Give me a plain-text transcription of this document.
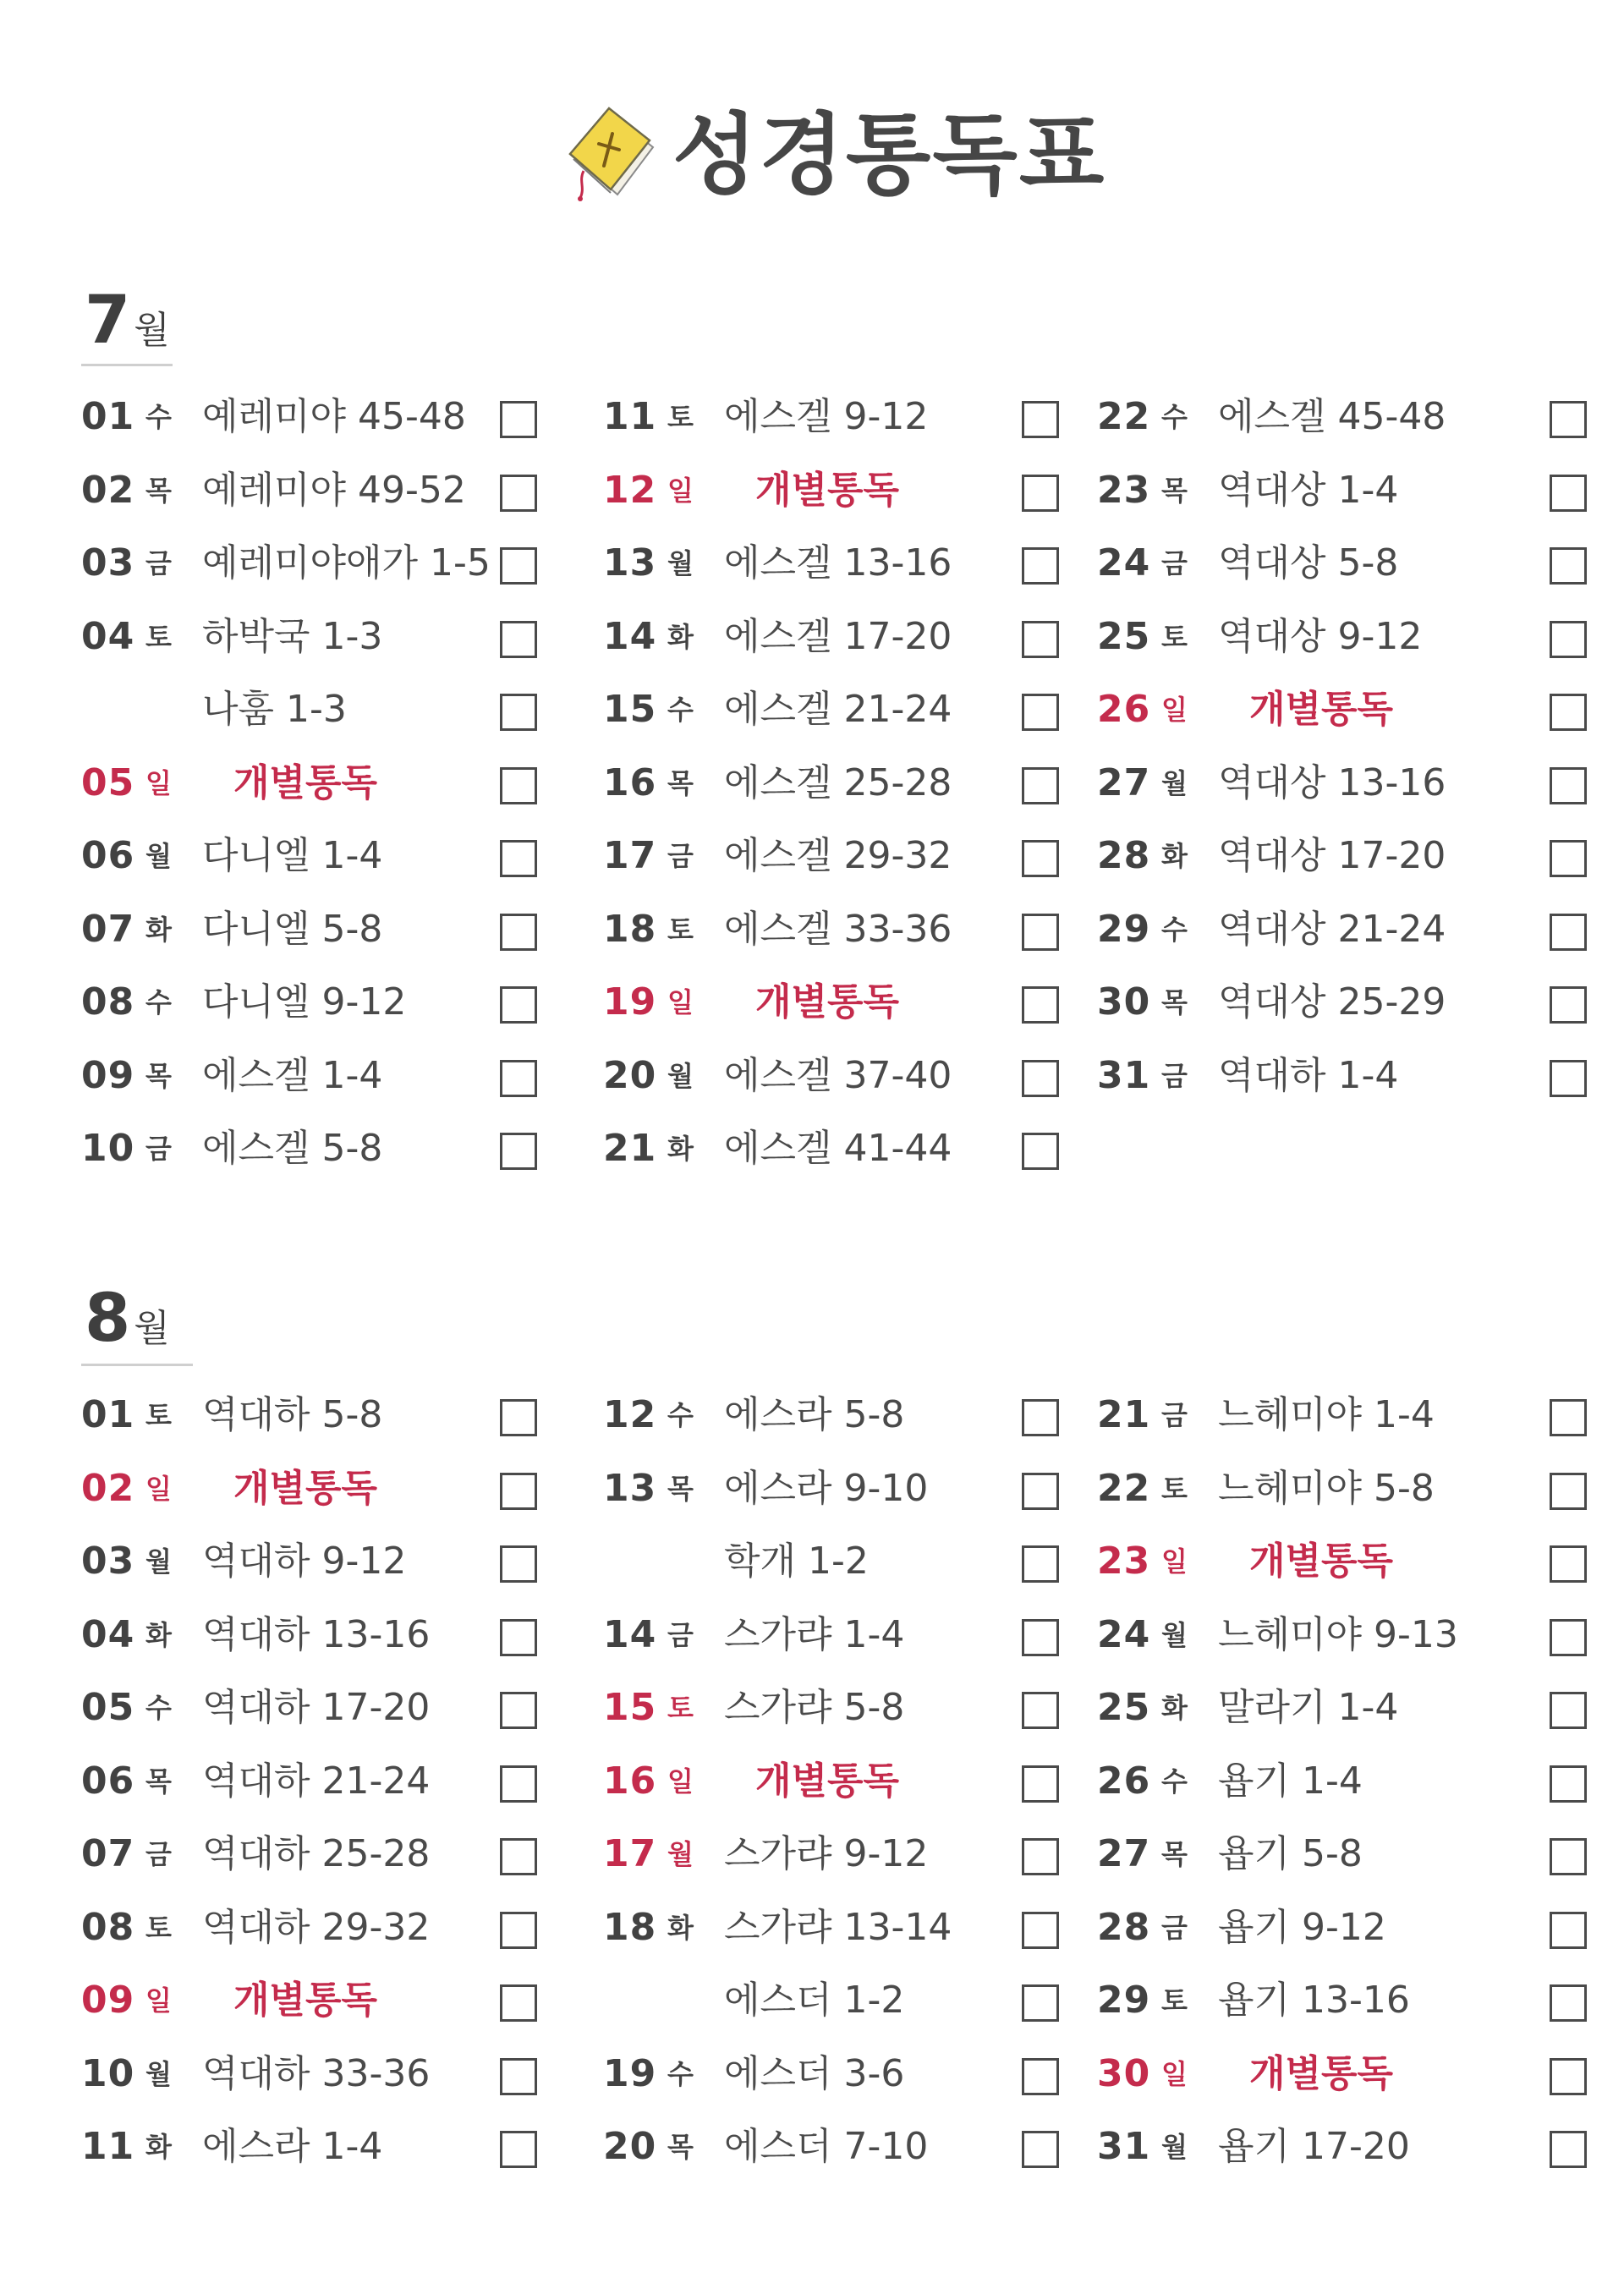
성경통독표
7월
01 수 예레미야 45-48
02 목 예레미야 49-52
03 금 예레미야애가 1-5
04 토 하박국 1-3
나훔 1-3
05 일 개별통독
06 월 다니엘 1-4
07 화 다니엘 5-8
08 수 다니엘 9-12
09 목 에스겔 1-4
10 금 에스겔 5-8
11 토 에스겔 9-12
12 일 개별통독
13 월 에스겔 13-16
14 화 에스겔 17-20
15 수 에스겔 21-24
16 목 에스겔 25-28
17 금 에스겔 29-32
18 토 에스겔 33-36
19 일 개별통독
20 월 에스겔 37-40
21 화 에스겔 41-44
22 수 에스겔 45-48
23 목 역대상 1-4
24 금 역대상 5-8
25 토 역대상 9-12
26 일 개별통독
27 월 역대상 13-16
28 화 역대상 17-20
29 수 역대상 21-24
30 목 역대상 25-29
31 금 역대하 1-4
8월
01 토 역대하 5-8
02 일 개별통독
03 월 역대하 9-12
04 화 역대하 13-16
05 수 역대하 17-20
06 목 역대하 21-24
07 금 역대하 25-28
08 토 역대하 29-32
09 일 개별통독
10 월 역대하 33-36
11 화 에스라 1-4
12 수 에스라 5-8
13 목 에스라 9-10
학개 1-2
14 금 스가랴 1-4
15 토 스가랴 5-8
16 일 개별통독
17 월 스가랴 9-12
18 화 스가랴 13-14
에스더 1-2
19 수 에스더 3-6
20 목 에스더 7-10
21 금 느헤미야 1-4
22 토 느헤미야 5-8
23 일 개별통독
24 월 느헤미야 9-13
25 화 말라기 1-4
26 수 욥기 1-4
27 목 욥기 5-8
28 금 욥기 9-12
29 토 욥기 13-16
30 일 개별통독
31 월 욥기 17-20
